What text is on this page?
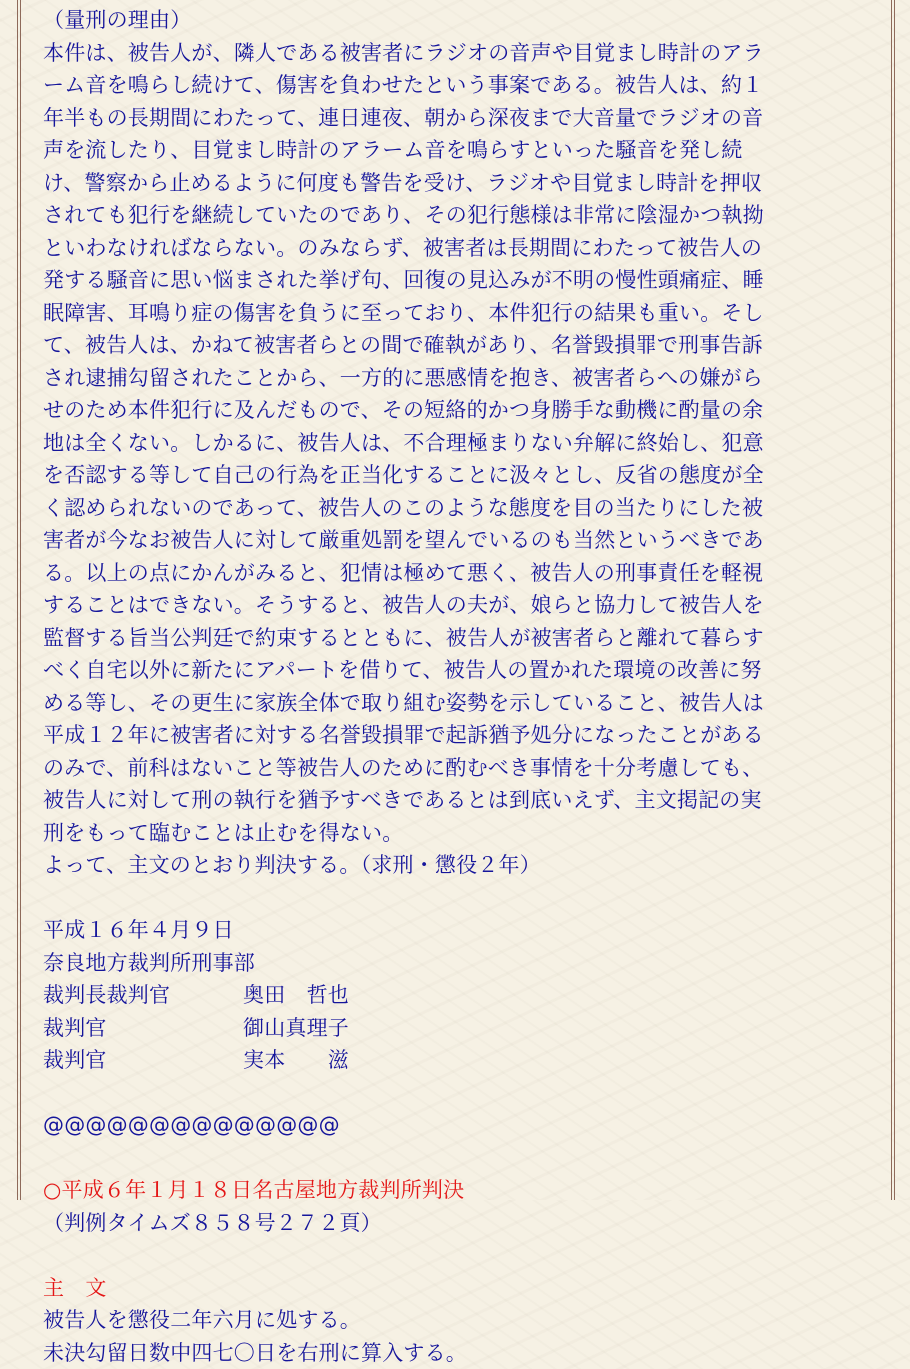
（量刑の理由）
本件は、被告人が、隣人である被害者にラジオの音声や目覚まし時計のアラ
ーム音を鳴らし続けて、傷害を負わせたという事案である。被告人は、約１
年半もの長期間にわたって、連日連夜、朝から深夜まで大音量でラジオの音
声を流したり、目覚まし時計のアラーム音を鳴らすといった騒音を発し続
け、警察から止めるように何度も警告を受け、ラジオや目覚まし時計を押収
されても犯行を継続していたのであり、その犯行態様は非常に陰湿かつ執拗
といわなければならない。のみならず、被害者は長期間にわたって被告人の
発する騒音に思い悩まされた挙げ句、回復の見込みが不明の慢性頭痛症、睡
眠障害、耳鳴り症の傷害を負うに至っており、本件犯行の結果も重い。そし
て、被告人は、かねて被害者らとの間で確執があり、名誉毀損罪で刑事告訴
され逮捕勾留されたことから、一方的に悪感情を抱き、被害者らへの嫌がら
せのため本件犯行に及んだもので、その短絡的かつ身勝手な動機に酌量の余
地は全くない。しかるに、被告人は、不合理極まりない弁解に終始し、犯意
を否認する等して自己の行為を正当化することに汲々とし、反省の態度が全
く認められないのであって、被告人のこのような態度を目の当たりにした被
害者が今なお被告人に対して厳重処罰を望んでいるのも当然というべきであ
る。以上の点にかんがみると、犯情は極めて悪く、被告人の刑事責任を軽視
することはできない。そうすると、被告人の夫が、娘らと協力して被告人を
監督する旨当公判廷で約束するとともに、被告人が被害者らと離れて暮らす
べく自宅以外に新たにアパートを借りて、被告人の置かれた環境の改善に努
める等し、その更生に家族全体で取り組む姿勢を示していること、被告人は
平成１２年に被害者に対する名誉毀損罪で起訴猶予処分になったことがある
のみで、前科はないこと等被告人のために酌むべき事情を十分考慮しても、
被告人に対して刑の執行を猶予すべきであるとは到底いえず、主文掲記の実
刑をもって臨むことは止むを得ない。
よって、主文のとおり判決する。（求刑・懲役２年）
平成１６年４月９日
奈良地方裁判所刑事部
裁判長裁判官	奥田　哲也
裁判官	御山真理子
裁判官	実本　　滋
@@@@@@@@@@@@@@
○平成６年１月１８日名古屋地方裁判所判決
（判例タイムズ８５８号２７２頁）
主　文
被告人を懲役二年六月に処する。
未決勾留日数中四七〇日を右刑に算入する。
